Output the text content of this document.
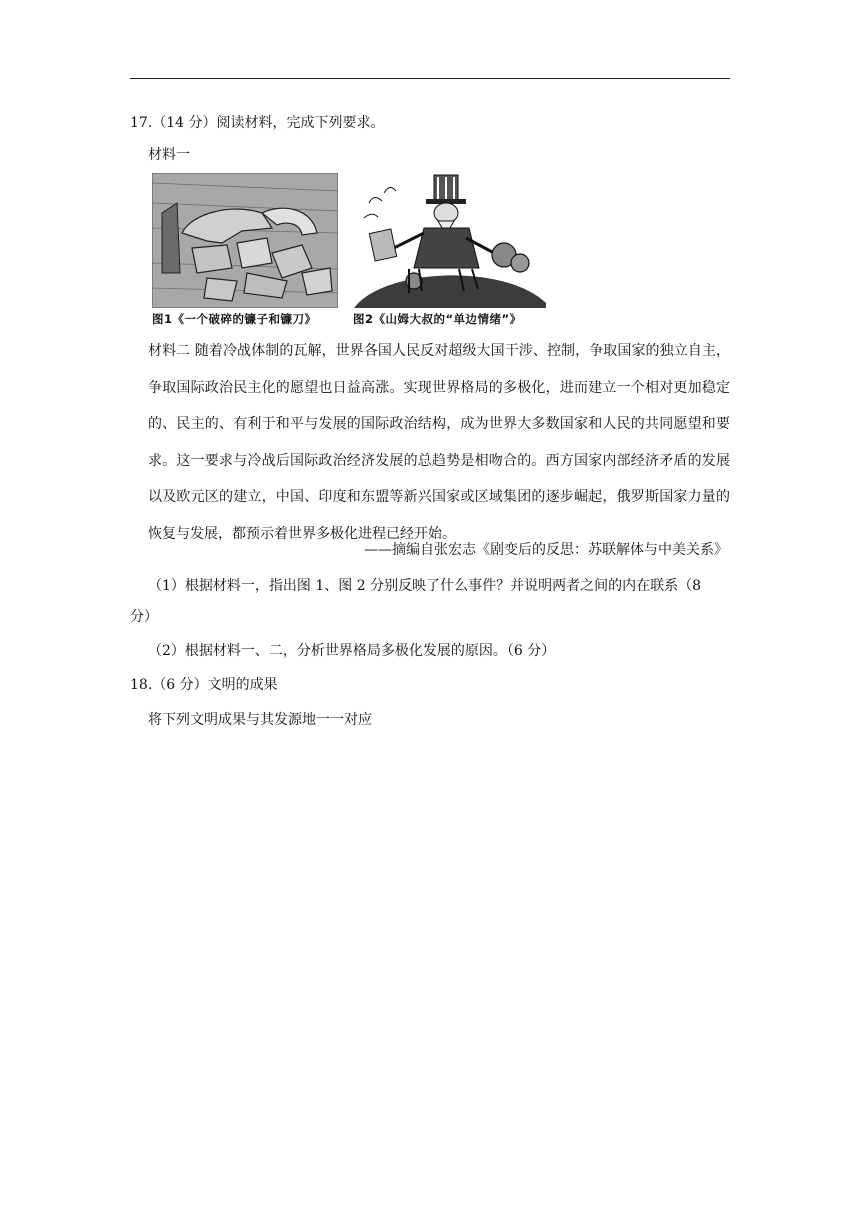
17.（14 分）阅读材料，完成下列要求。
材料一
图1《一个破碎的镰子和镰刀》	图2《山姆大叔的“单边情绪”》
材料二 随着冷战体制的瓦解，世界各国人民反对超级大国干涉、控制，争取国家的独立自主，争取国际政治民主化的愿望也日益高涨。实现世界格局的多极化，进而建立一个相对更加稳定的、民主的、有利于和平与发展的国际政治结构，成为世界大多数国家和人民的共同愿望和要求。这一要求与冷战后国际政治经济发展的总趋势是相吻合的。西方国家内部经济矛盾的发展以及欧元区的建立，中国、印度和东盟等新兴国家或区域集团的逐步崛起，俄罗斯国家力量的恢复与发展，都预示着世界多极化进程已经开始。
——摘编自张宏志《剧变后的反思：苏联解体与中美关系》
（1）根据材料一，指出图 1、图 2 分别反映了什么事件？并说明两者之间的内在联系（8
分）
（2）根据材料一、二，分析世界格局多极化发展的原因。（6 分）
18.（6 分）文明的成果
将下列文明成果与其发源地一一对应
